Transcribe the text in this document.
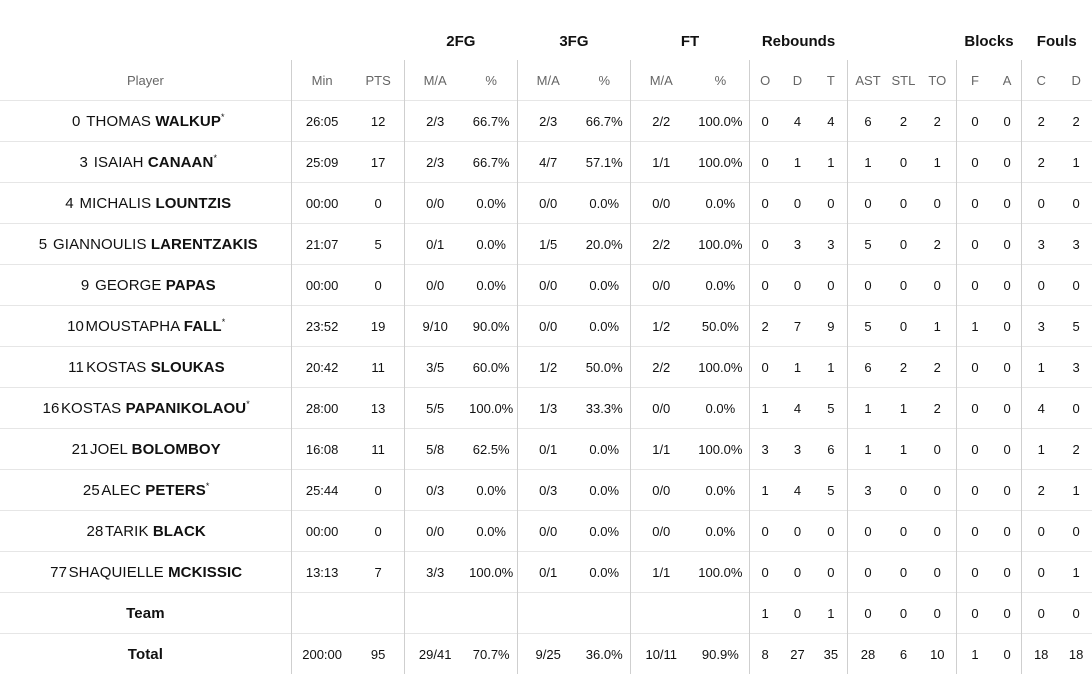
			2FG		3FG		FT		Rebounds						Blocks		Fouls	
Player	Min	PTS	M/A	%	M/A	%	M/A	%	O	D	T	AST	STL	TO	F	A	C	D
0 THOMAS WALKUP*	26:05	12	2/3	66.7%	2/3	66.7%	2/2	100.0%	0	4	4	6	2	2	0	0	2	2
3 ISAIAH CANAAN*	25:09	17	2/3	66.7%	4/7	57.1%	1/1	100.0%	0	1	1	1	0	1	0	0	2	1
4 MICHALIS LOUNTZIS	00:00	0	0/0	0.0%	0/0	0.0%	0/0	0.0%	0	0	0	0	0	0	0	0	0	0
5 GIANNOULIS LARENTZAKIS	21:07	5	0/1	0.0%	1/5	20.0%	2/2	100.0%	0	3	3	5	0	2	0	0	3	3
9 GEORGE PAPAS	00:00	0	0/0	0.0%	0/0	0.0%	0/0	0.0%	0	0	0	0	0	0	0	0	0	0
10 MOUSTAPHA FALL*	23:52	19	9/10	90.0%	0/0	0.0%	1/2	50.0%	2	7	9	5	0	1	1	0	3	5
11 KOSTAS SLOUKAS	20:42	11	3/5	60.0%	1/2	50.0%	2/2	100.0%	0	1	1	6	2	2	0	0	1	3
16 KOSTAS PAPANIKOLAOU*	28:00	13	5/5	100.0%	1/3	33.3%	0/0	0.0%	1	4	5	1	1	2	0	0	4	0
21 JOEL BOLOMBOY	16:08	11	5/8	62.5%	0/1	0.0%	1/1	100.0%	3	3	6	1	1	0	0	0	1	2
25 ALEC PETERS*	25:44	0	0/3	0.0%	0/3	0.0%	0/0	0.0%	1	4	5	3	0	0	0	0	2	1
28 TARIK BLACK	00:00	0	0/0	0.0%	0/0	0.0%	0/0	0.0%	0	0	0	0	0	0	0	0	0	0
77 SHAQUIELLE MCKISSIC	13:13	7	3/3	100.0%	0/1	0.0%	1/1	100.0%	0	0	0	0	0	0	0	0	0	1
Team									1	0	1	0	0	0	0	0	0	0
Total	200:00	95	29/41	70.7%	9/25	36.0%	10/11	90.9%	8	27	35	28	6	10	1	0	18	18
